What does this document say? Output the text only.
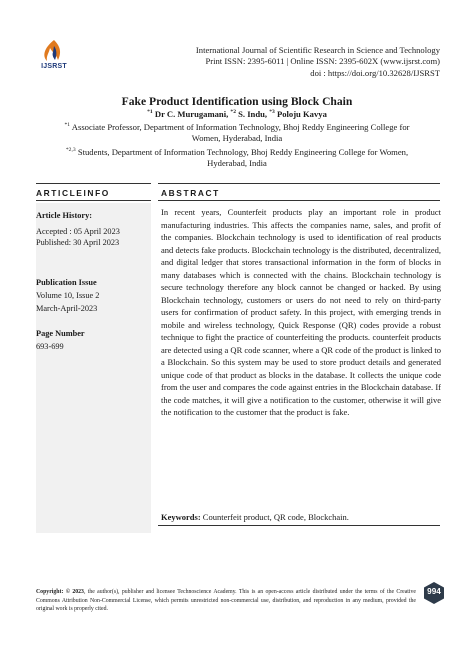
IJSRST
International Journal of Scientific Research in Science and Technology
Print ISSN: 2395-6011 | Online ISSN: 2395-602X (www.ijsrst.com)
doi : https://doi.org/10.32628/IJSRST
Fake Product Identification using Block Chain
$^{*1}$ Dr C. Murugamani, $^{*2}$ S. Indu, $^{*3}$ Poloju Kavya
$^{*1}$ Associate Professor, Department of Information Technology, Bhoj Reddy Engineering College for
Women, Hyderabad, India
$^{*2,3}$ Students, Department of Information Technology, Bhoj Reddy Engineering College for Women,
Hyderabad, India
ARTICLEINFO	ABSTRACT
Article History:
Accepted : 05 April 2023
Published: 30 April 2023
Publication Issue
Volume 10, Issue 2
March-April-2023
Page Number
693-699
In recent years, Counterfeit products play an important role in product manufacturing industries. This affects the companies name, sales, and profit of the companies. Blockchain technology is used to identification of real products and detects fake products. Blockchain technology is the distributed, decentralized, and digital ledger that stores transactional information in the form of blocks in many databases which is connected with the chains. Blockchain technology is secure technology therefore any block cannot be changed or hacked. By using Blockchain technology, customers or users do not need to rely on third-party users for confirmation of product safety. In this project, with emerging trends in mobile and wireless technology, Quick Response (QR) codes provide a robust technique to fight the practice of counterfeiting the products. counterfeit products are detected using a QR code scanner, where a QR code of the product is linked to a Blockchain. So this system may be used to store product details and generated unique code of that product as blocks in the database. It collects the unique code from the user and compares the code against entries in the Blockchain database. If the code matches, it will give a notification to the customer, otherwise it will give the notification to the customer that the product is fake.
Keywords: Counterfeit product, QR code, Blockchain.
Copyright: © 2023, the author(s), publisher and licensee Technoscience Academy. This is an open-access article distributed under the terms of the Creative Commons Attribution Non-Commercial License, which permits unrestricted non-commercial use, distribution, and reproduction in any medium, provided the original work is properly cited.
994
